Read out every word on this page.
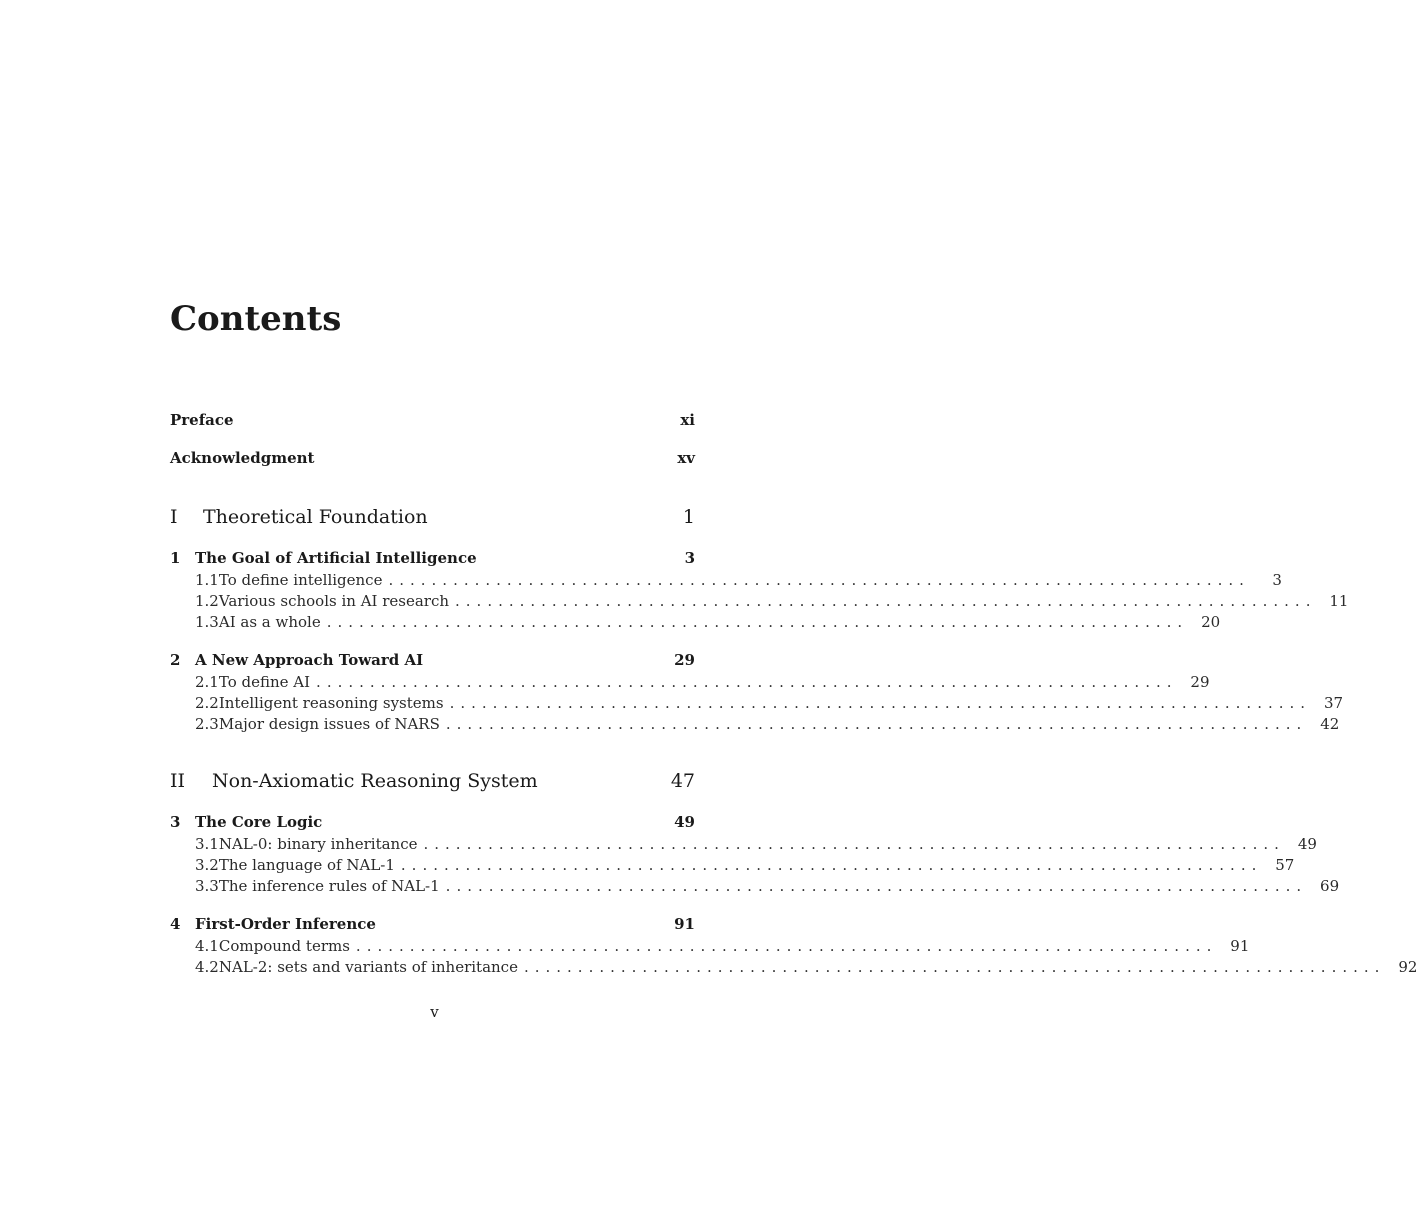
Contents
Preface	xi
Acknowledgment	xv
I	Theoretical Foundation	1
1 The Goal of Artificial Intelligence	3
1.1 To define intelligence ................................................................................	3
1.2 Various schools in AI research ................................................................................ 11
1.3 AI as a whole ................................................................................ 20
2 A New Approach Toward AI	29
2.1 To define AI ................................................................................ 29
2.2 Intelligent reasoning systems ................................................................................ 37
2.3 Major design issues of NARS ................................................................................ 42
II	Non-Axiomatic Reasoning System	47
3 The Core Logic	49
3.1 NAL-0: binary inheritance ................................................................................ 49
3.2 The language of NAL-1 ................................................................................ 57
3.3 The inference rules of NAL-1 ................................................................................ 69
4 First-Order Inference	91
4.1 Compound terms ................................................................................ 91
4.2 NAL-2: sets and variants of inheritance ................................................................................ 92
v
